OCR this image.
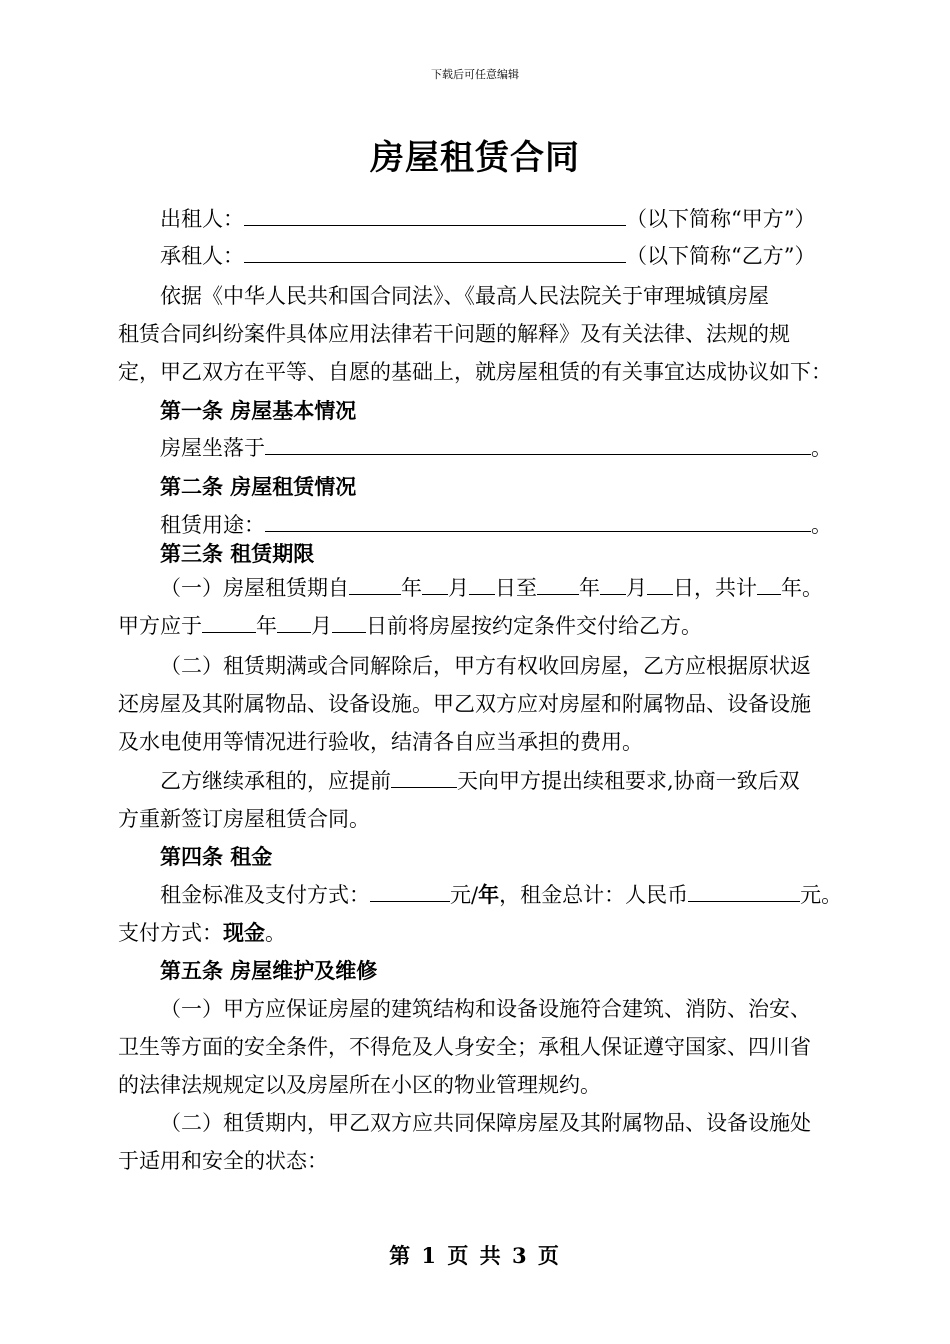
下载后可任意编辑
房屋租赁合同
出租人：	（以下简称“甲方”）
承租人：	（以下简称“乙方”）
依据《中华人民共和国合同法》、《最高人民法院关于审理城镇房屋
租赁合同纠纷案件具体应用法律若干问题的解释》及有关法律、法规的规
定，甲乙双方在平等、自愿的基础上，就房屋租赁的有关事宜达成协议如下：
第一条 房屋基本情况
房屋坐落于	。
第二条 房屋租赁情况
租赁用途：	。
第三条 租赁期限
（一）房屋租赁期自 年 月 日至 年 月 日，共计 年。
甲方应于	年 月 日前将房屋按约定条件交付给乙方。
（二）租赁期满或合同解除后，甲方有权收回房屋，乙方应根据原状返
还房屋及其附属物品、设备设施。甲乙双方应对房屋和附属物品、设备设施
及水电使用等情况进行验收，结清各自应当承担的费用。
乙方继续承租的，应提前	天向甲方提出续租要求,协商一致后双
方重新签订房屋租赁合同。
第四条 租金
租金标准及支付方式：	元/年，租金总计：人民币	元。
支付方式：现金。
第五条 房屋维护及维修
（一）甲方应保证房屋的建筑结构和设备设施符合建筑、消防、治安、
卫生等方面的安全条件，不得危及人身安全；承租人保证遵守国家、四川省
的法律法规规定以及房屋所在小区的物业管理规约。
（二）租赁期内，甲乙双方应共同保障房屋及其附属物品、设备设施处
于适用和安全的状态：
第 1 页 共 3 页
